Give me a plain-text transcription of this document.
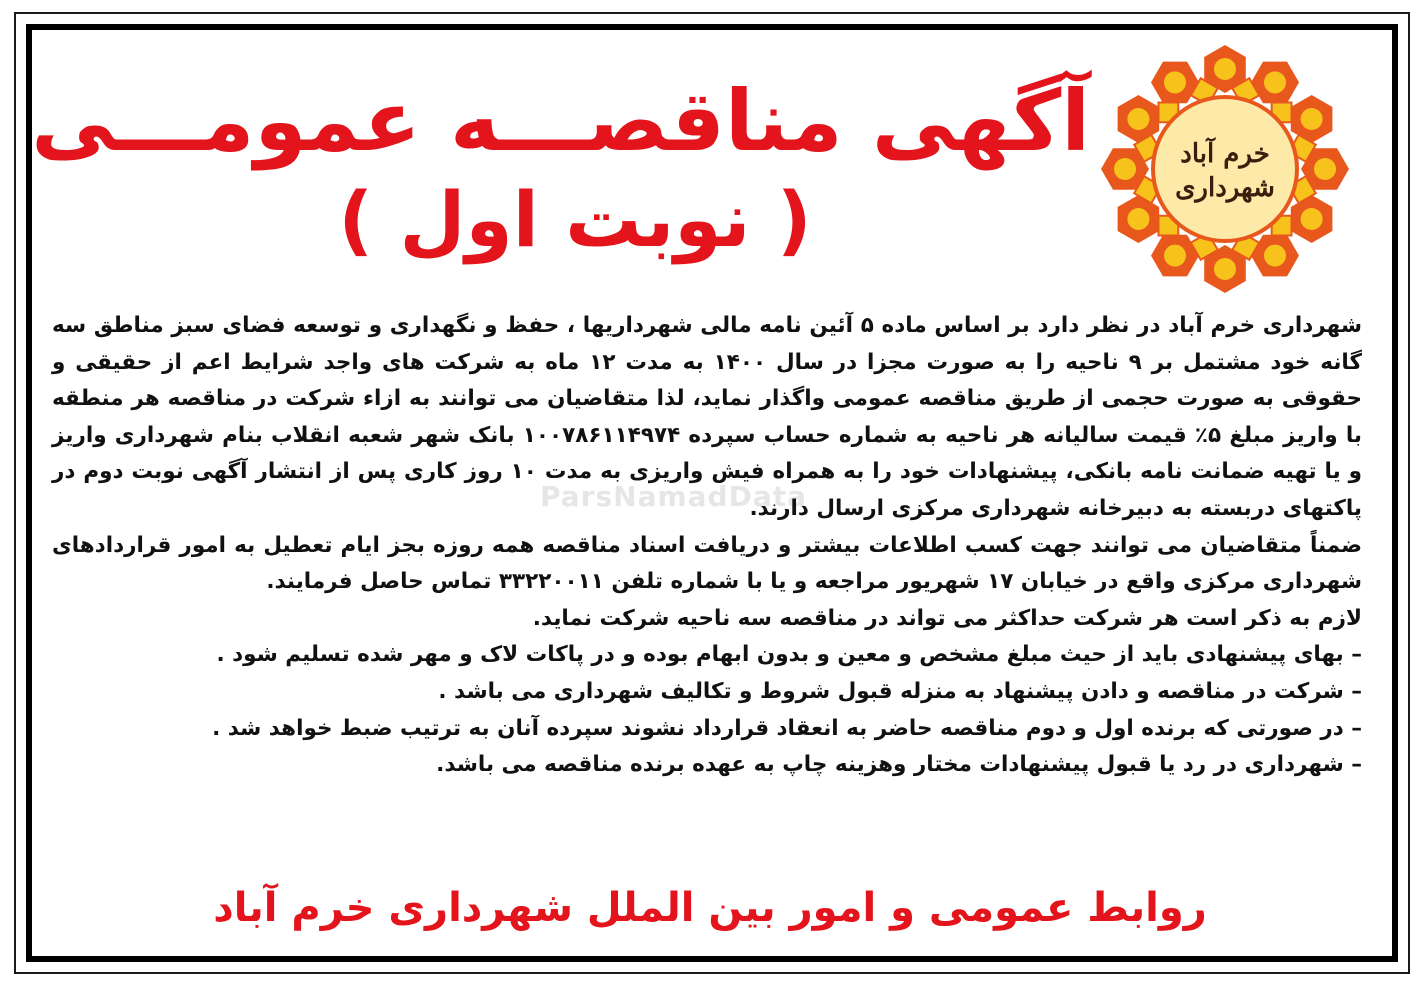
خرم آباد
شهرداری
آگهی مناقصـــه عمومـــی
( نوبت اول )

شهرداری خرم آباد در نظر دارد بر اساس ماده ۵ آئین نامه مالی شهرداریها ، حفظ و نگهداری و توسعه فضای سبز مناطق سه گانه خود مشتمل بر ۹ ناحیه را به صورت مجزا در سال ۱۴۰۰ به مدت ۱۲ ماه به شرکت های واجد شرایط اعم از حقیقی و حقوقی به صورت حجمی از طریق مناقصه عمومی واگذار نماید، لذا متقاضیان می توانند به ازاء شرکت در مناقصه هر منطقه با واریز مبلغ ۵٪ قیمت سالیانه هر ناحیه به شماره حساب سپرده ۱۰۰۷۸۶۱۱۴۹۷۴ بانک شهر شعبه انقلاب بنام شهرداری واریز و یا تهیه ضمانت نامه بانکی، پیشنهادات خود را به همراه فیش واریزی به مدت ۱۰ روز کاری پس از انتشار آگهی نوبت دوم در پاکتهای دربسته به دبیرخانه شهرداری مرکزی ارسال دارند.

ضمناً متقاضیان می توانند جهت کسب اطلاعات بیشتر و دریافت اسناد مناقصه همه روزه بجز ایام تعطیل به امور قراردادهای شهرداری مرکزی واقع در خیابان ۱۷ شهریور مراجعه و یا با شماره تلفن ۳۳۲۲۰۰۱۱ تماس حاصل فرمایند.

لازم به ذکر است هر شرکت حداکثر می تواند در مناقصه سه ناحیه شرکت نماید.

– بهای پیشنهادی باید از حیث مبلغ مشخص و معین و بدون ابهام بوده و در پاکات لاک و مهر شده تسلیم شود .

– شرکت در مناقصه و دادن پیشنهاد به منزله قبول شروط و تکالیف شهرداری می باشد .

– در صورتی که برنده اول و دوم مناقصه حاضر به انعقاد قرارداد نشوند سپرده آنان به ترتیب ضبط خواهد شد .

– شهرداری در رد یا قبول پیشنهادات مختار وهزینه چاپ به عهده برنده مناقصه می باشد.

روابط عمومی و امور بین الملل شهرداری خرم آباد
